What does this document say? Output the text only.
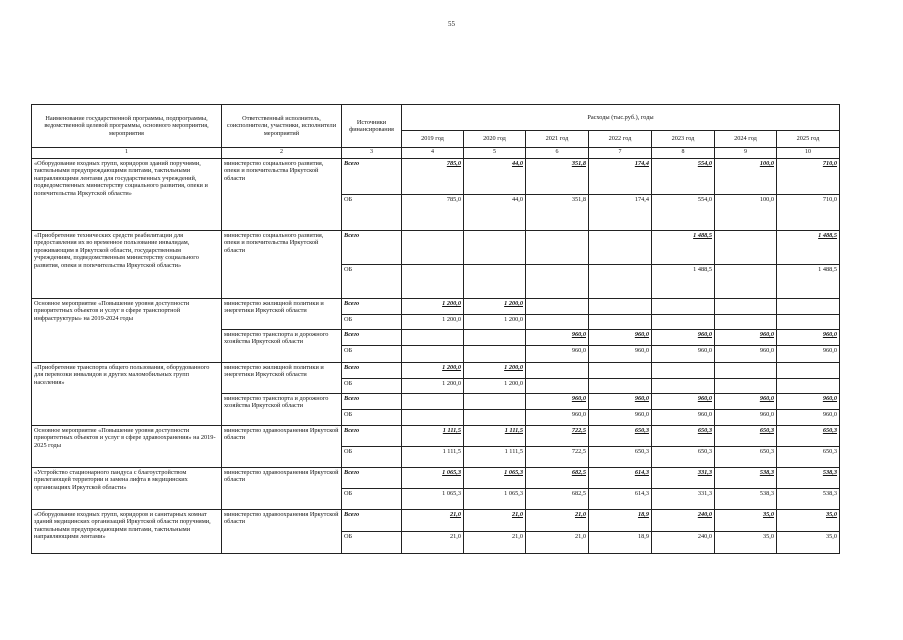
55
Наименование государственной программы, подпрограммы, ведомственной целевой программы, основного мероприятия, мероприятия	Ответственный исполнитель, соисполнители, участники, исполнители мероприятий	Источники финансирования	Расходы (тыс.руб.), годы						
			2019 год	2020 год	2021 год	2022 год	2023 год	2024 год	2025 год
1	2	3	4	5	6	7	8	9	10
«Оборудование входных групп, коридоров зданий поручнями, тактильными предупреждающими плитами, тактильными направляющими лентами для государственных учреждений, подведомственных министерству социального развития, опеки и попечительства Иркутской области»	министерство социального развития, опеки и попечительства Иркутской области	Всего	785,0	44,0	351,8	174,4	554,0	100,0	710,0
		ОБ	785,0	44,0	351,8	174,4	554,0	100,0	710,0
«Приобретение технических средств реабилитации для предоставления их во временное пользование инвалидам, проживающим в Иркутской области, государственным учреждениям, подведомственным министерству социального развития, опеки и попечительства Иркутской области»	министерство социального развития, опеки и попечительства Иркутской области	Всего					1 488,5		1 488,5
		ОБ					1 488,5		1 488,5
Основное мероприятие «Повышение уровня доступности приоритетных объектов и услуг в сфере транспортной инфраструктуры» на 2019-2024 годы	министерство жилищной политики и энергетики Иркутской области	Всего	1 200,0	1 200,0					
		ОБ	1 200,0	1 200,0					
	министерство транспорта и дорожного хозяйства Иркутской области	Всего			960,0	960,0	960,0	960,0	960,0
		ОБ			960,0	960,0	960,0	960,0	960,0
«Приобретение транспорта общего пользования, оборудованного для перевозки инвалидов и других маломобильных групп населения»	министерство жилищной политики и энергетики Иркутской области	Всего	1 200,0	1 200,0					
		ОБ	1 200,0	1 200,0					
	министерство транспорта и дорожного хозяйства Иркутской области	Всего			960,0	960,0	960,0	960,0	960,0
		ОБ			960,0	960,0	960,0	960,0	960,0
Основное мероприятие «Повышение уровня доступности приоритетных объектов и услуг в сфере здравоохранения» на 2019-2025 годы	министерство здравоохранения Иркутской области	Всего	1 111,5	1 111,5	722,5	650,3	650,3	650,3	650,3
		ОБ	1 111,5	1 111,5	722,5	650,3	650,3	650,3	650,3
«Устройство стационарного пандуса с благоустройством прилегающей территории и замена лифта в медицинских организациях Иркутской области»	министерство здравоохранения Иркутской области	Всего	1 065,3	1 065,3	682,5	614,3	331,3	538,3	538,3
		ОБ	1 065,3	1 065,3	682,5	614,3	331,3	538,3	538,3
«Оборудование входных групп, коридоров и санитарных комнат зданий медицинских организаций Иркутской области поручнями, тактильными предупреждающими плитами, тактильными направляющими лентами»	министерство здравоохранения Иркутской области	Всего	21,0	21,0	21,0	18,9	240,0	35,0	35,0
		ОБ	21,0	21,0	21,0	18,9	240,0	35,0	35,0
